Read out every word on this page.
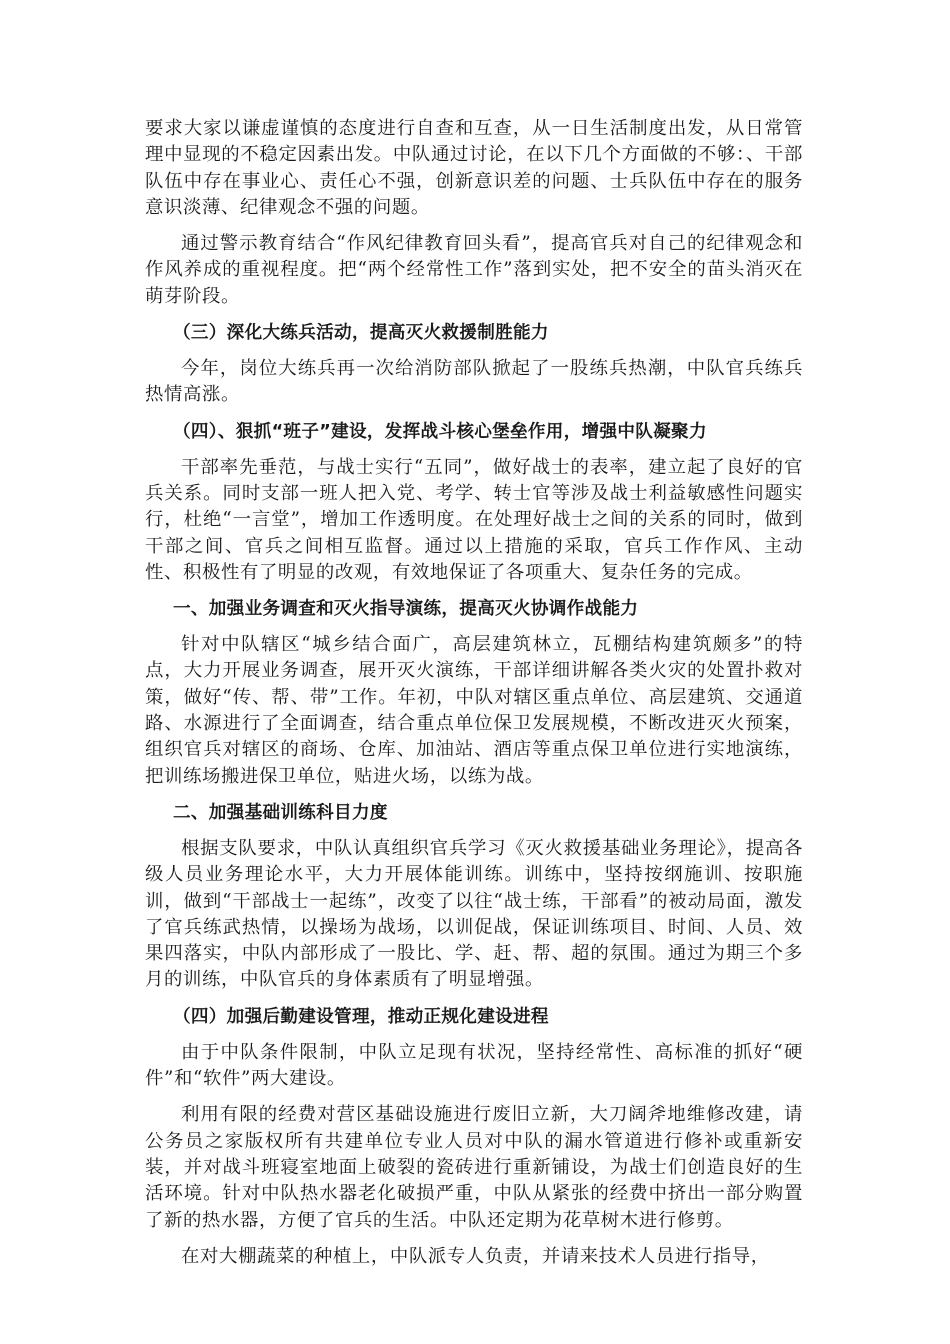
要求大家以谦虚谨慎的态度进行自查和互查，从一日生活制度出发，从日常管理中显现的不稳定因素出发。中队通过讨论，在以下几个方面做的不够：、干部队伍中存在事业心、责任心不强，创新意识差的问题、士兵队伍中存在的服务意识淡薄、纪律观念不强的问题。

通过警示教育结合“作风纪律教育回头看”，提高官兵对自己的纪律观念和作风养成的重视程度。把“两个经常性工作”落到实处，把不安全的苗头消灭在萌芽阶段。

（三）深化大练兵活动，提高灭火救援制胜能力

今年，岗位大练兵再一次给消防部队掀起了一股练兵热潮，中队官兵练兵热情高涨。

（四）、狠抓“班子”建设，发挥战斗核心堡垒作用，增强中队凝聚力

干部率先垂范，与战士实行“五同”，做好战士的表率，建立起了良好的官兵关系。同时支部一班人把入党、考学、转士官等涉及战士利益敏感性问题实行，杜绝“一言堂”，增加工作透明度。在处理好战士之间的关系的同时，做到干部之间、官兵之间相互监督。通过以上措施的采取，官兵工作作风、主动性、积极性有了明显的改观，有效地保证了各项重大、复杂任务的完成。

一、加强业务调查和灭火指导演练，提高灭火协调作战能力

针对中队辖区“城乡结合面广，高层建筑林立，瓦棚结构建筑颇多”的特点，大力开展业务调查，展开灭火演练，干部详细讲解各类火灾的处置扑救对策，做好“传、帮、带”工作。年初，中队对辖区重点单位、高层建筑、交通道路、水源进行了全面调查，结合重点单位保卫发展规模，不断改进灭火预案，组织官兵对辖区的商场、仓库、加油站、酒店等重点保卫单位进行实地演练，把训练场搬进保卫单位，贴进火场，以练为战。

二、加强基础训练科目力度

根据支队要求，中队认真组织官兵学习《灭火救援基础业务理论》，提高各级人员业务理论水平，大力开展体能训练。训练中，坚持按纲施训、按职施训，做到“干部战士一起练”，改变了以往“战士练，干部看”的被动局面，激发了官兵练武热情，以操场为战场，以训促战，保证训练项目、时间、人员、效果四落实，中队内部形成了一股比、学、赶、帮、超的氛围。通过为期三个多月的训练，中队官兵的身体素质有了明显增强。

（四）加强后勤建设管理，推动正规化建设进程

由于中队条件限制，中队立足现有状况，坚持经常性、高标准的抓好“硬件”和“软件”两大建设。

利用有限的经费对营区基础设施进行废旧立新，大刀阔斧地维修改建，请公务员之家版权所有共建单位专业人员对中队的漏水管道进行修补或重新安装，并对战斗班寝室地面上破裂的瓷砖进行重新铺设，为战士们创造良好的生活环境。针对中队热水器老化破损严重，中队从紧张的经费中挤出一部分购置了新的热水器，方便了官兵的生活。中队还定期为花草树木进行修剪。

在对大棚蔬菜的种植上，中队派专人负责，并请来技术人员进行指导，
